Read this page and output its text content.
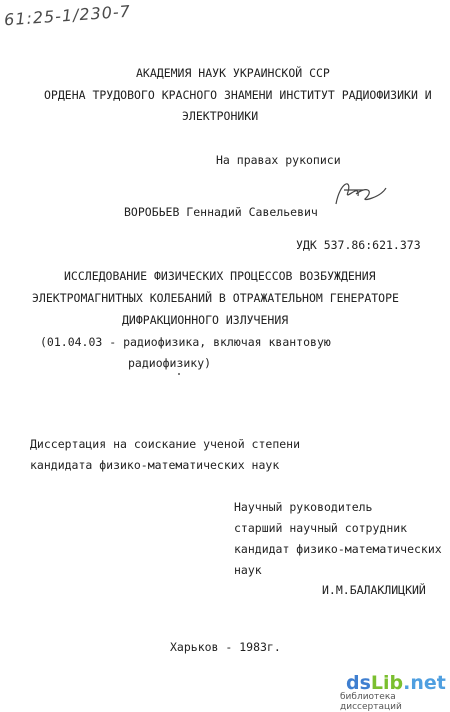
61:25-1/230-7
АКАДЕМИЯ НАУК УКРАИНСКОЙ ССР
ОРДЕНА ТРУДОВОГО КРАСНОГО ЗНАМЕНИ ИНСТИТУТ РАДИОФИЗИКИ И
ЭЛЕКТРОНИКИ
На правах рукописи
ВОРОБЬЕВ Геннадий Савельевич
УДК 537.86:621.373
ИССЛЕДОВАНИЕ ФИЗИЧЕСКИХ ПРОЦЕССОВ ВОЗБУЖДЕНИЯ
ЭЛЕКТРОМАГНИТНЫХ КОЛЕБАНИЙ В ОТРАЖАТЕЛЬНОМ ГЕНЕРАТОРЕ
ДИФРАКЦИОННОГО ИЗЛУЧЕНИЯ
(01.04.03 - радиофизика, включая квантовую
радиофизику)
Диссертация на соискание ученой степени
кандидата физико-математических наук
Научный руководитель
старший научный сотрудник
кандидат физико-математических
наук
И.М.БАЛАКЛИЦКИЙ
Харьков - 1983г.
dsLib.net
библиотека диссертаций
